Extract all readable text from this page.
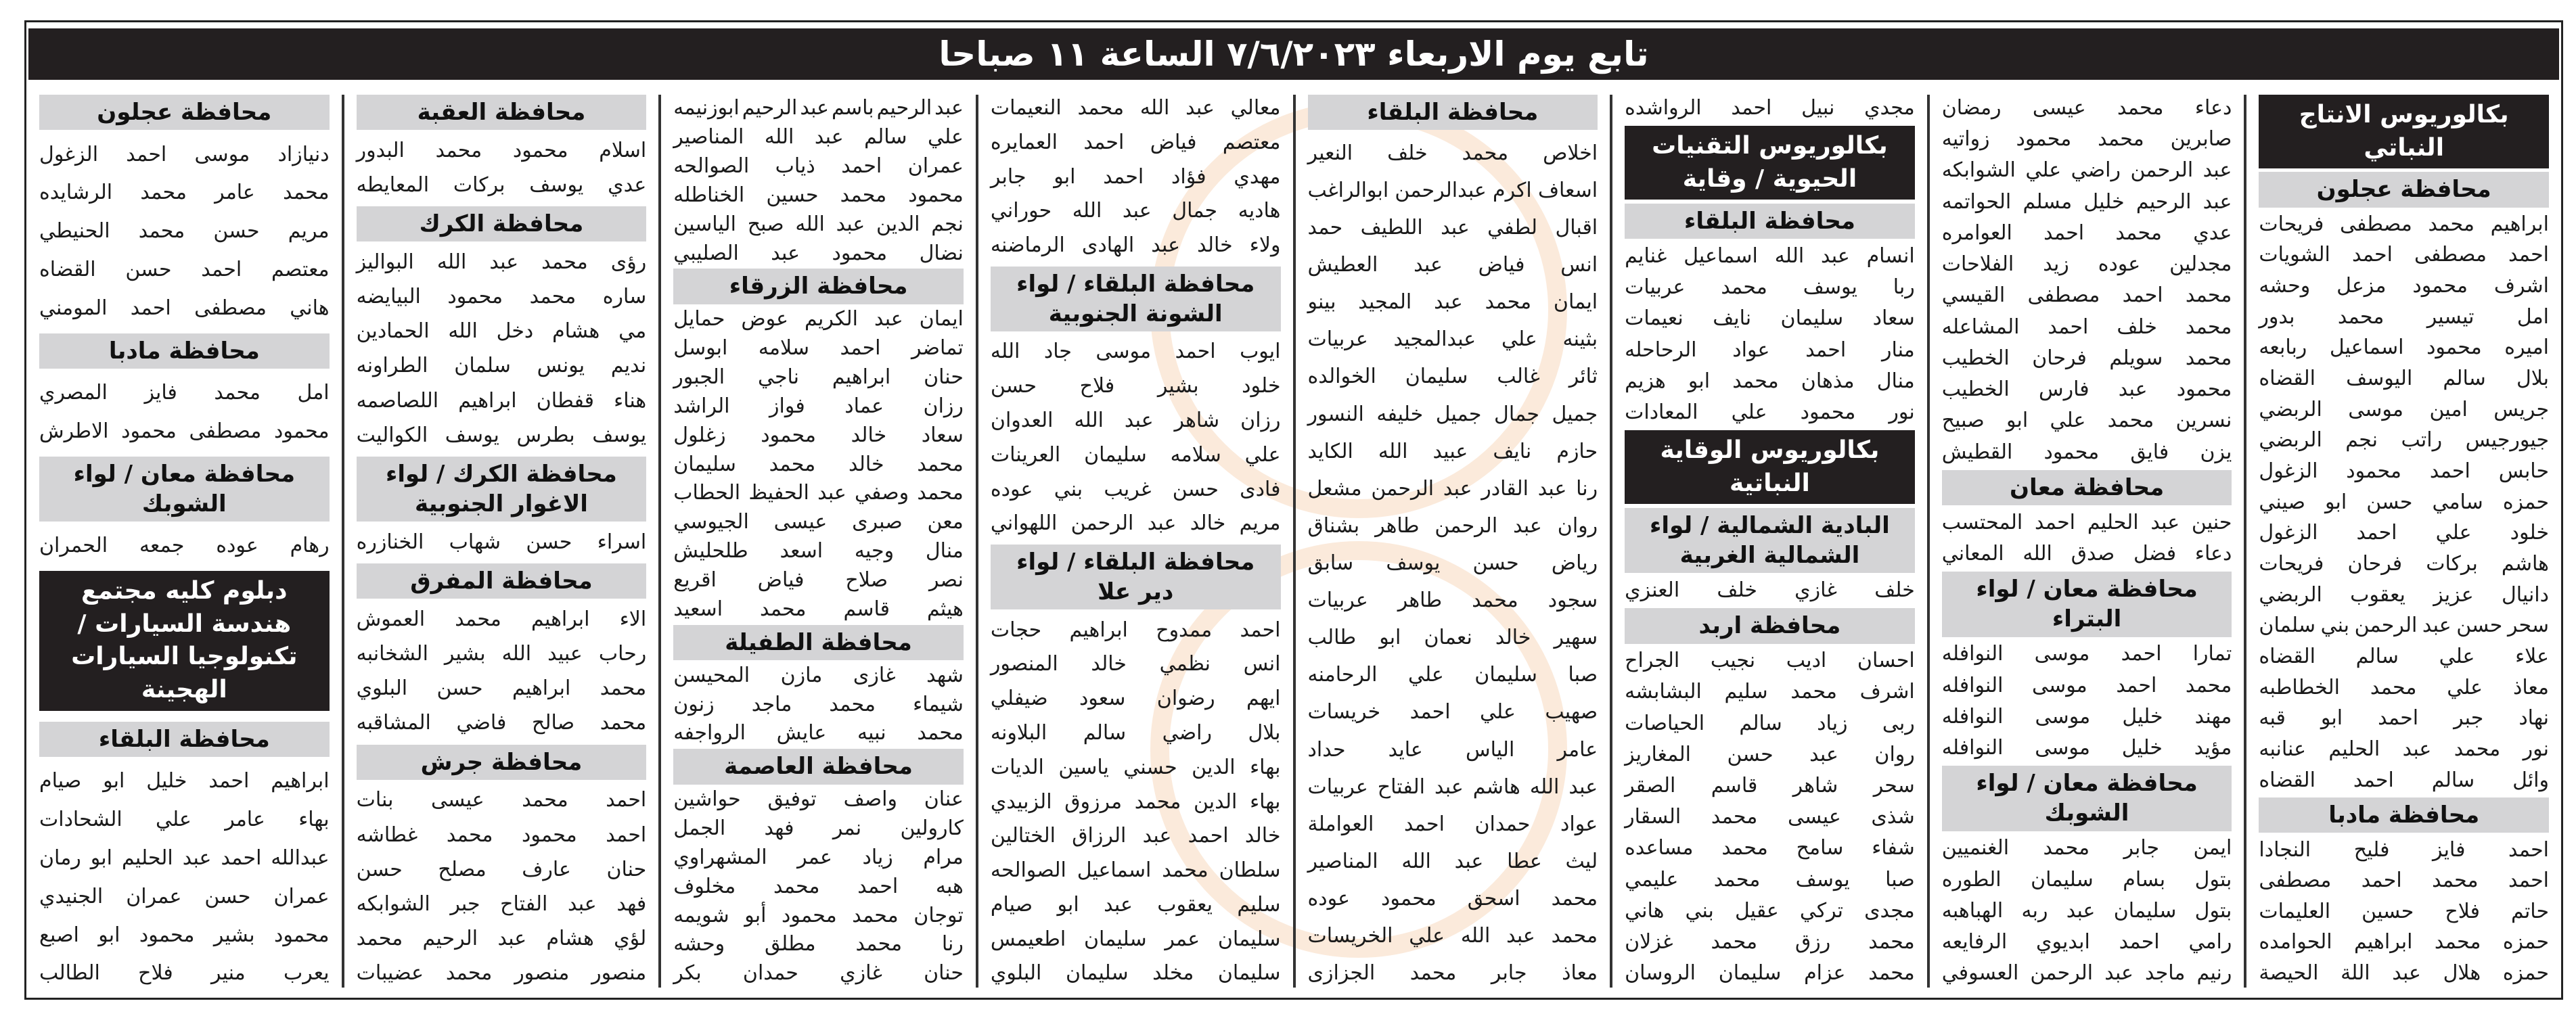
تابع يوم الاربعاء ٧/٦/٢٠٢٣ الساعة ١١ صباحا
بكالوريوس الانتاج النباتي
محافظة عجلون
ابراهيم
محمد
مصطفى
فريحات
احمد
مصطفى
احمد
الشويات
اشرف
محمود
مزعل
وحشه
امل
تيسير
محمد
بدور
اميره
محمود
اسماعيل
ربابعه
بلال
سالم
اليوسف
القضاه
جريس
امين
موسى
الربضي
جيورجيس
راتب
نجم
الربضي
حابس
احمد
محمود
الزغول
حمزه
سامي
حسن
ابو
صيني
خلود
علي
احمد
الزغول
هاشم
بركات
فرحان
فريحات
دانيال
عزيز
يعقوب
الربضي
سحر
حسن
عبد
الرحمن
بني
سلمان
علاء
علي
سالم
القضاه
معاذ
علي
محمد
الخطاطبه
نهاد
جبر
احمد
ابو
قبه
نور
محمد
عبد
الحليم
عنانبه
وائل
سالم
احمد
القضاه
محافظة مادبا
احمد
فايز
فليح
النجادا
احمد
محمد
احمد
مصطفى
حاتم
فلاح
حسين
العليمات
حمزه
محمد
ابراهيم
الحوامده
حمزه
هلال
عبد
اللة
الحيصة
دعاء
محمد
عيسى
رمضان
صابرين
محمد
محمود
زواتيه
عبد
الرحمن
راضي
علي
الشوابكه
عبد
الرحيم
خليل
مسلم
الحواتمه
عدي
محمد
احمد
العوامره
مجدلين
عوده
زيد
الفلاحات
محمد
احمد
مصطفى
القيسي
محمد
خلف
احمد
المشاعله
محمد
سويلم
فرحان
الخطيب
محمود
عبد
فارس
الخطيب
نسرين
محمد
علي
ابو
صبيح
يزن
فايق
محمود
القطيش
محافظة معان
حنين
عبد
الحليم
احمد
المحتسب
دعاء
فضل
صدق
الله
المعاني
محافظة معان / لواء البتراء
تمارا
احمد
موسى
النوافله
محمد
احمد
موسى
النوافله
مهند
خليل
موسى
النوافله
مؤيد
خليل
موسى
النوافله
محافظة معان / لواء الشوبك
ايمن
جابر
محمد
الغنميين
بتول
بسام
سليمان
الطوره
بتول
سليمان
عبد
ربه
الهباهبه
رامي
احمد
ابديوي
الرفايعه
رنيم
ماجد
عبد
الرحمن
العسوفي
مجدي
نبيل
احمد
الرواشده
بكالوريوس التقنيات الحيوية / وقاية
محافظة البلقاء
انسام
عبد
الله
اسماعيل
غنايم
ربا
يوسف
محمد
عربيات
سعاد
سليمان
نايف
نعيمات
منار
احمد
عواد
الرحاحله
منال
مذهان
محمد
ابو
هزيم
نور
محمود
علي
المعادات
بكالوريوس الوقاية النباتية
البادية الشمالية / لواء الشمالية الغربية
خلف
غازي
خلف
العنزي
محافظة اربد
احسان
اديب
نجيب
الجراح
اشرف
محمد
سليم
البشابشه
ربى
زياد
سالم
الحياصات
روان
عبد
حسن
المغاريز
سحر
شاهر
قاسم
الصقر
شذى
عيسى
محمد
السقار
شفاء
سامح
محمد
مساعده
صبا
يوسف
محمد
عليمي
مجدى
تركي
عقيل
بني
هاني
محمد
رزق
محمد
غزلان
محمد
عزام
سليمان
الروسان
محافظة البلقاء
اخلاص
محمد
خلف
النعير
اسعاف
اكرم
عبدالرحمن
ابوالراغب
اقبال
لطفي
عبد
اللطيف
حمد
انس
فياض
عبد
العطيش
ايمان
محمد
عبد
المجيد
بينو
بثينه
علي
عبدالمجيد
عربيات
ثائر
غالب
سليمان
الخوالده
جميل
جمال
جميل
خليفه
النسور
حازم
نايف
عبيد
الله
الكايد
رنا
عبد
القادر
عبد
الرحمن
مشعل
روان
عبد
الرحمن
طاهر
بشناق
رياض
حسن
يوسف
سابق
سجود
محمد
طاهر
عربيات
سهير
خالد
نعمان
ابو
طالب
صبا
سليمان
علي
الرحامنه
صهيب
علي
احمد
خريسات
عامر
الياس
عايد
حداد
عبد
الله
هاشم
عبد
الفتاح
عربيات
عواد
حمدان
احمد
العواملة
ليث
عطا
عبد
الله
المناصير
محمد
اسحق
محمود
عوده
محمد
عبد
الله
علي
الخريسات
معاذ
جابر
محمد
الجزازى
معالي
عبد
الله
محمد
النعيمات
معتصم
فياض
احمد
العمايره
مهدي
فؤاد
احمد
ابو
جابر
هاديه
جمال
عبد
الله
حوراني
ولاء
خالد
عبد
الهادى
الرماضنه
محافظة البلقاء / لواء الشونة الجنوبية
ايوب
احمد
موسى
جاد
الله
خلود
بشير
فلاح
حسن
رزان
شاهر
عبد
الله
العدوان
علي
سلامه
سليمان
العرينات
فادى
حسن
غريب
بني
عوده
مريم
خالد
عبد
الرحمن
اللهواني
محافظة البلقاء / لواء دير علا
احمد
ممدوح
ابراهيم
حجات
انس
نظمي
خالد
المنصور
ايهم
رضوان
سعود
ضيفلي
بلال
راضي
سالم
البلاونه
بهاء
الدين
حسني
ياسين
الديات
بهاء
الدين
محمد
مرزوق
الزبيدي
خالد
احمد
عبد
الرزاق
الختالين
سلطان
محمد
اسماعيل
الصوالحه
سليم
يعقوب
عبد
ابو
صيام
سليمان
عمر
سليمان
اطعيمس
سليمان
مخلد
سليمان
البلوي
عبد
الرحيم
باسم
عبد
الرحيم
ابوزنيمه
علي
سالم
عبد
الله
المناصير
عمران
احمد
ذياب
الصوالحه
محمود
محمد
حسين
الخناطله
نجم
الدين
عبد
الله
صبح
الياسين
نضال
محمود
عبد
الصليبي
محافظة الزرقاء
ايمان
عبد
الكريم
عوض
حمايل
تماضر
احمد
سلامه
ابوسل
حنان
ابراهيم
ناجي
الجبور
رزان
عماد
فواز
الراشد
سعاد
خالد
محمود
زغلول
محمد
خالد
محمد
سليمان
محمد
وصفي
عبد
الحفيظ
الحطاب
معن
صبرى
عيسى
الجيوسي
منال
وجيه
اسعد
طلحليش
نصر
صلاح
فياض
اقريع
هيثم
قاسم
محمد
اسعيد
محافظة الطفيلة
شهد
غازى
مازن
المحيسن
شيماء
محمد
ماجد
زنون
محمد
نبيه
عايش
الرواجفه
محافظة العاصمة
عنان
واصف
توفيق
حواشين
كارولين
نمر
فهد
الجمل
مرام
زياد
عمر
المشهراوي
هبه
احمد
محمد
مخلوف
توجان
محمد
محمود
أبو
شويمه
رنا
محمد
مطلق
وحشه
حنان
غازي
حمدان
بكر
محافظة العقبة
اسلام
محمود
محمد
البدور
عدي
يوسف
بركات
المعايطه
محافظة الكرك
رؤى
محمد
عبد
الله
البواليز
ساره
محمد
محمود
البيايضه
مي
هشام
دخل
الله
الحمادين
نديم
يونس
سلمان
الطراونه
هناء
قفطان
ابراهيم
اللصاصمه
يوسف
بطرس
يوسف
الكواليت
محافظة الكرك / لواء الاغوار الجنوبية
اسراء
حسن
شهاب
الخنازره
محافظة المفرق
الاء
ابراهيم
محمد
العموش
رحاب
عبيد
الله
بشير
الشخانبه
محمد
ابراهيم
حسن
البلوي
محمد
صالح
فاضي
المشاقبه
محافظة جرش
احمد
محمد
عيسى
بنات
احمد
محمود
محمد
غطاشه
حنان
عارف
مصلح
حسن
فهد
عبد
الفتاح
جبر
الشوابكه
لؤي
هشام
عبد
الرحيم
محمد
منصور
منصور
محمد
عضيبات
محافظة عجلون
دنيازاد
موسى
احمد
الزغول
محمد
عامر
محمد
الرشايده
مريم
حسن
محمد
الحنيطي
معتصم
احمد
حسن
القضاه
هاني
مصطفى
احمد
المومني
محافظة مادبا
امل
محمد
فايز
المصري
محمود
مصطفى
محمود
الاطرش
محافظة معان / لواء الشوبك
رهام
عوده
جمعه
الحمران
دبلوم كليه مجتمع هندسة السيارات /تكنولوجيا السيارات الهجينة
محافظة البلقاء
ابراهيم
احمد
خليل
ابو
صيام
بهاء
عامر
علي
الشحادات
عبدالله
احمد
عبد
الحليم
ابو
رمان
عمران
حسن
عمران
الجنيدي
محمود
بشير
محمود
ابو
اصبع
يعرب
منير
فلاح
الطالب
